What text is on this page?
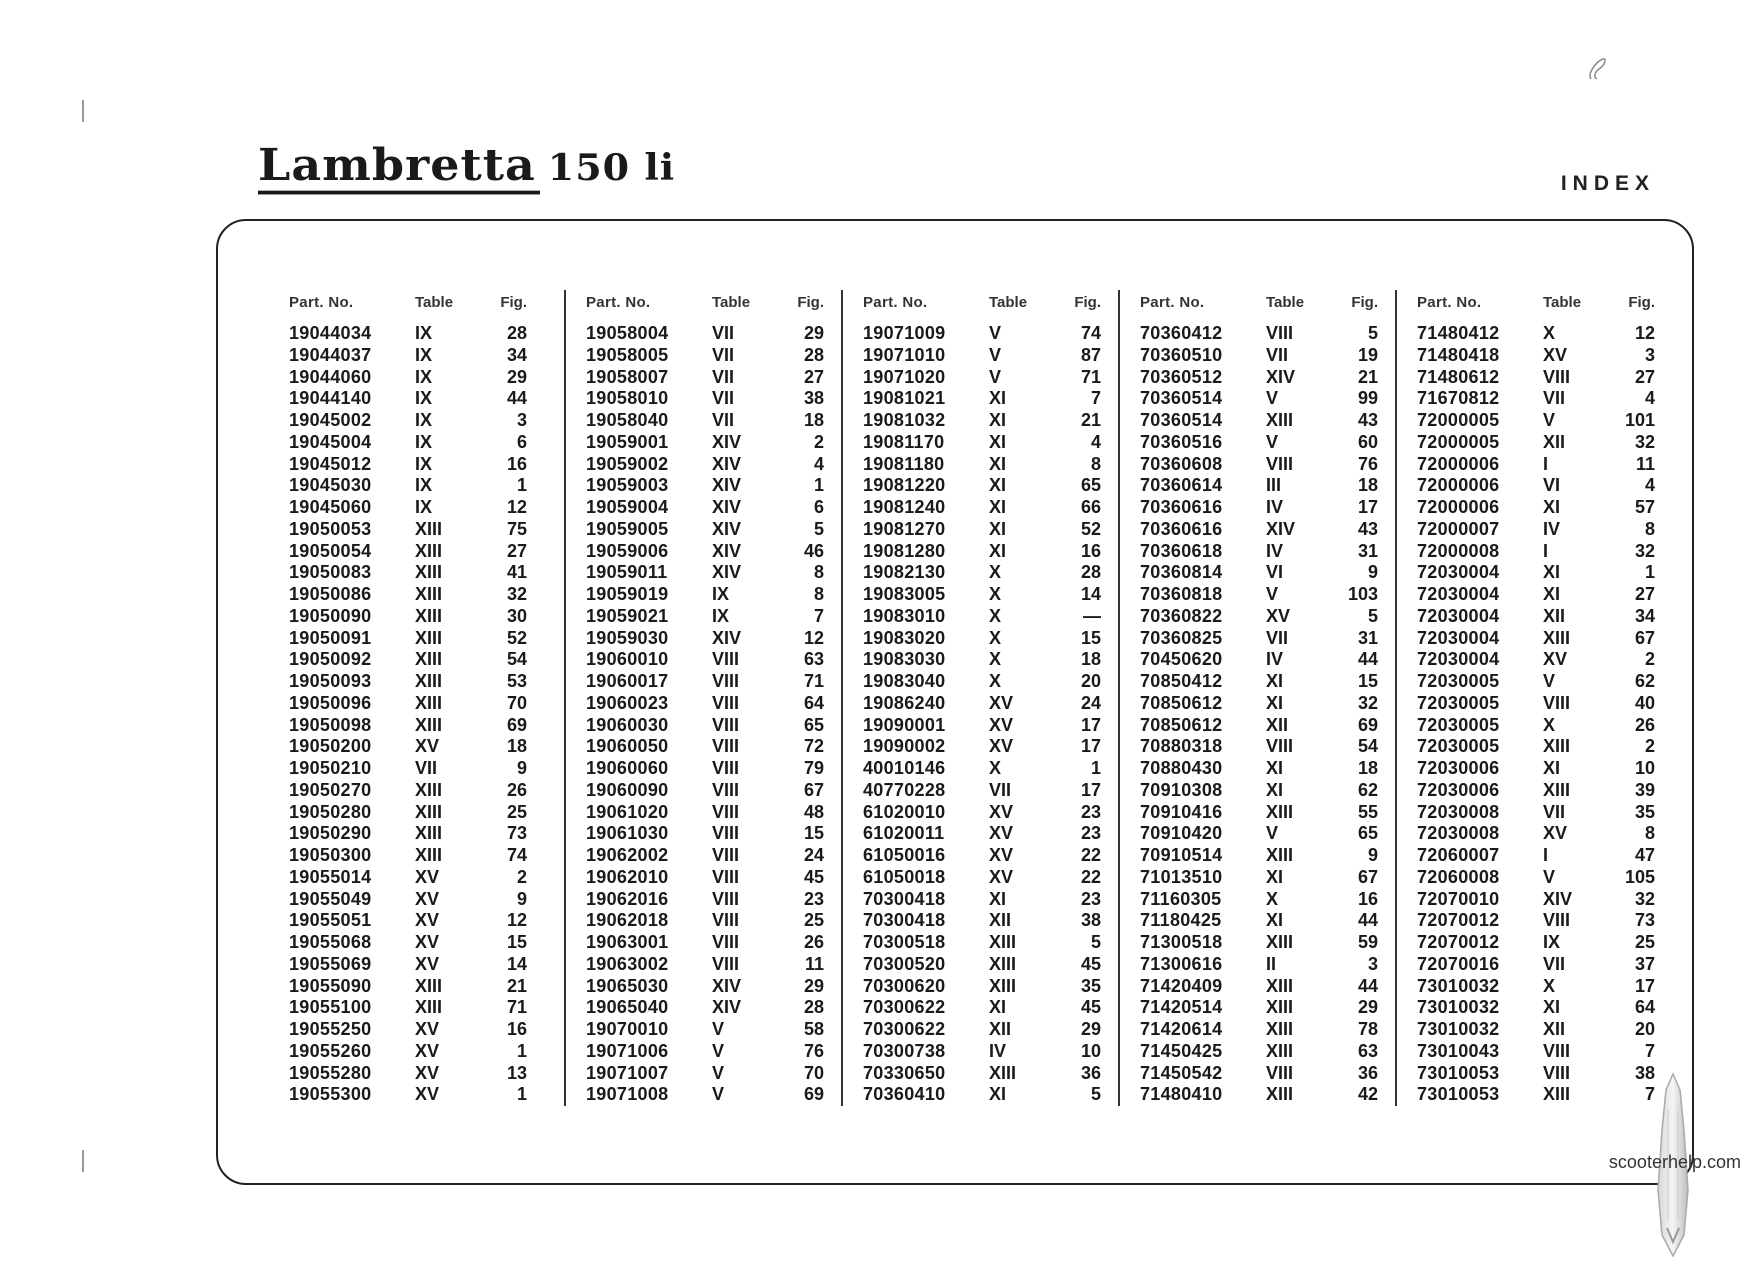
Lambretta 150 li	INDEX
Part. No.	Table	Fig.
19044034	IX	28
19044037	IX	34
19044060	IX	29
19044140	IX	44
19045002	IX	3
19045004	IX	6
19045012	IX	16
19045030	IX	1
19045060	IX	12
19050053	XIII	75
19050054	XIII	27
19050083	XIII	41
19050086	XIII	32
19050090	XIII	30
19050091	XIII	52
19050092	XIII	54
19050093	XIII	53
19050096	XIII	70
19050098	XIII	69
19050200	XV	18
19050210	VII	9
19050270	XIII	26
19050280	XIII	25
19050290	XIII	73
19050300	XIII	74
19055014	XV	2
19055049	XV	9
19055051	XV	12
19055068	XV	15
19055069	XV	14
19055090	XIII	21
19055100	XIII	71
19055250	XV	16
19055260	XV	1
19055280	XV	13
19055300	XV	1
Part. No.	Table	Fig.
19058004	VII	29
19058005	VII	28
19058007	VII	27
19058010	VII	38
19058040	VII	18
19059001	XIV	2
19059002	XIV	4
19059003	XIV	1
19059004	XIV	6
19059005	XIV	5
19059006	XIV	46
19059011	XIV	8
19059019	IX	8
19059021	IX	7
19059030	XIV	12
19060010	VIII	63
19060017	VIII	71
19060023	VIII	64
19060030	VIII	65
19060050	VIII	72
19060060	VIII	79
19060090	VIII	67
19061020	VIII	48
19061030	VIII	15
19062002	VIII	24
19062010	VIII	45
19062016	VIII	23
19062018	VIII	25
19063001	VIII	26
19063002	VIII	11
19065030	XIV	29
19065040	XIV	28
19070010	V	58
19071006	V	76
19071007	V	70
19071008	V	69
Part. No.	Table	Fig.
19071009	V	74
19071010	V	87
19071020	V	71
19081021	XI	7
19081032	XI	21
19081170	XI	4
19081180	XI	8
19081220	XI	65
19081240	XI	66
19081270	XI	52
19081280	XI	16
19082130	X	28
19083005	X	14
19083010	X	—
19083020	X	15
19083030	X	18
19083040	X	20
19086240	XV	24
19090001	XV	17
19090002	XV	17
40010146	X	1
40770228	VII	17
61020010	XV	23
61020011	XV	23
61050016	XV	22
61050018	XV	22
70300418	XI	23
70300418	XII	38
70300518	XIII	5
70300520	XIII	45
70300620	XIII	35
70300622	XI	45
70300622	XII	29
70300738	IV	10
70330650	XIII	36
70360410	XI	5
Part. No.	Table	Fig.
70360412	VIII	5
70360510	VII	19
70360512	XIV	21
70360514	V	99
70360514	XIII	43
70360516	V	60
70360608	VIII	76
70360614	III	18
70360616	IV	17
70360616	XIV	43
70360618	IV	31
70360814	VI	9
70360818	V	103
70360822	XV	5
70360825	VII	31
70450620	IV	44
70850412	XI	15
70850612	XI	32
70850612	XII	69
70880318	VIII	54
70880430	XI	18
70910308	XI	62
70910416	XIII	55
70910420	V	65
70910514	XIII	9
71013510	XI	67
71160305	X	16
71180425	XI	44
71300518	XIII	59
71300616	II	3
71420409	XIII	44
71420514	XIII	29
71420614	XIII	78
71450425	XIII	63
71450542	VIII	36
71480410	XIII	42
Part. No.	Table	Fig.
71480412	X	12
71480418	XV	3
71480612	VIII	27
71670812	VII	4
72000005	V	101
72000005	XII	32
72000006	I	11
72000006	VI	4
72000006	XI	57
72000007	IV	8
72000008	I	32
72030004	XI	1
72030004	XI	27
72030004	XII	34
72030004	XIII	67
72030004	XV	2
72030005	V	62
72030005	VIII	40
72030005	X	26
72030005	XIII	2
72030006	XI	10
72030006	XIII	39
72030008	VII	35
72030008	XV	8
72060007	I	47
72060008	V	105
72070010	XIV	32
72070012	VIII	73
72070012	IX	25
72070016	VII	37
73010032	X	17
73010032	XI	64
73010032	XII	20
73010043	VIII	7
73010053	VIII	38
73010053	XIII	7
scooterhelp.com
